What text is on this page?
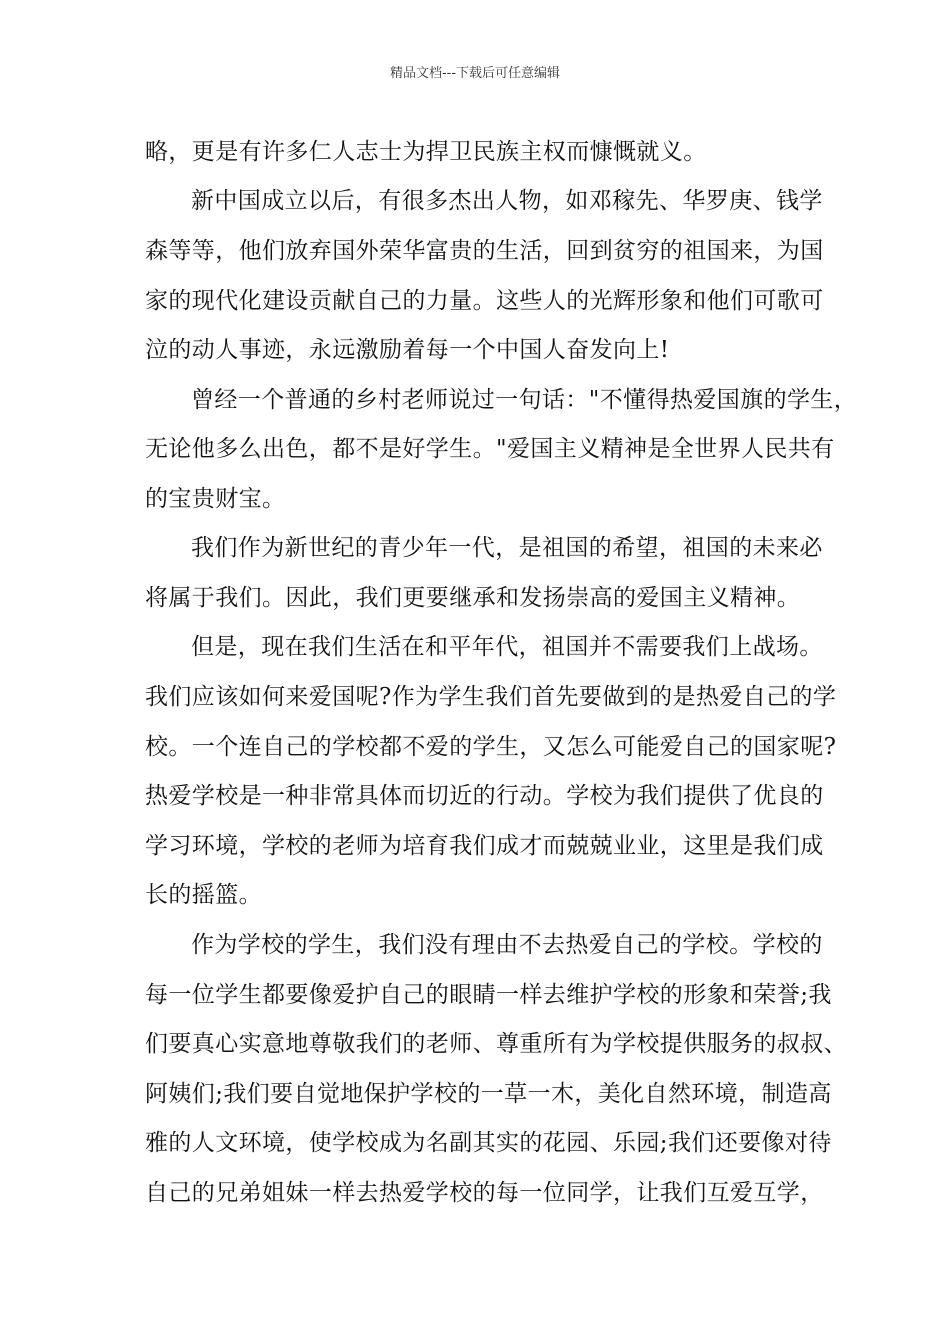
精品文档---下载后可任意编辑
略，更是有许多仁人志士为捍卫民族主权而慷慨就义。
新中国成立以后，有很多杰出人物，如邓稼先、华罗庚、钱学
森等等，他们放弃国外荣华富贵的生活，回到贫穷的祖国来，为国
家的现代化建设贡献自己的力量。这些人的光辉形象和他们可歌可
泣的动人事迹，永远激励着每一个中国人奋发向上!
曾经一个普通的乡村老师说过一句话："不懂得热爱国旗的学生，
无论他多么出色，都不是好学生。"爱国主义精神是全世界人民共有
的宝贵财宝。
我们作为新世纪的青少年一代，是祖国的希望，祖国的未来必
将属于我们。因此，我们更要继承和发扬崇高的爱国主义精神。
但是，现在我们生活在和平年代，祖国并不需要我们上战场。
我们应该如何来爱国呢?作为学生我们首先要做到的是热爱自己的学
校。一个连自己的学校都不爱的学生，又怎么可能爱自己的国家呢?
热爱学校是一种非常具体而切近的行动。学校为我们提供了优良的
学习环境，学校的老师为培育我们成才而兢兢业业，这里是我们成
长的摇篮。
作为学校的学生，我们没有理由不去热爱自己的学校。学校的
每一位学生都要像爱护自己的眼睛一样去维护学校的形象和荣誉;我
们要真心实意地尊敬我们的老师、尊重所有为学校提供服务的叔叔、
阿姨们;我们要自觉地保护学校的一草一木，美化自然环境，制造高
雅的人文环境，使学校成为名副其实的花园、乐园;我们还要像对待
自己的兄弟姐妹一样去热爱学校的每一位同学，让我们互爱互学，
